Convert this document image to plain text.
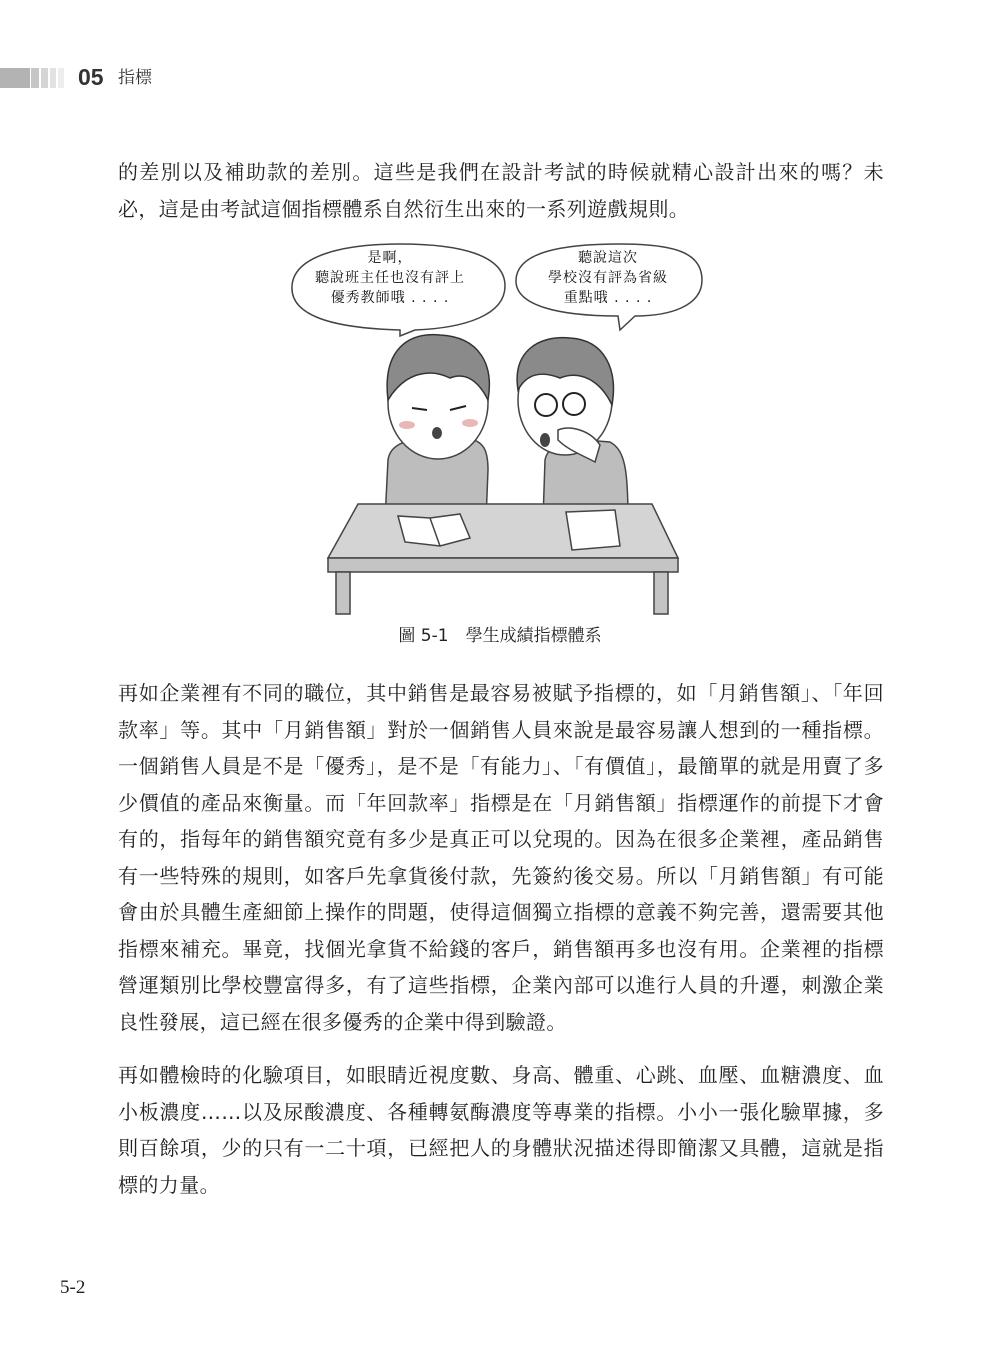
05 指標

的差別以及補助款的差別。這些是我們在設計考試的時候就精心設計出來的嗎？未必，這是由考試這個指標體系自然衍生出來的一系列遊戲規則。

是啊，
聽說班主任也沒有評上
優秀教師哦 . . . .
聽說這次
學校沒有評為省級
重點哦 . . . .
圖 5-1　學生成績指標體系

再如企業裡有不同的職位，其中銷售是最容易被賦予指標的，如「月銷售額」、「年回款率」等。其中「月銷售額」對於一個銷售人員來說是最容易讓人想到的一種指標。一個銷售人員是不是「優秀」，是不是「有能力」、「有價值」，最簡單的就是用賣了多少價值的產品來衡量。而「年回款率」指標是在「月銷售額」指標運作的前提下才會有的，指每年的銷售額究竟有多少是真正可以兌現的。因為在很多企業裡，產品銷售有一些特殊的規則，如客戶先拿貨後付款，先簽約後交易。所以「月銷售額」有可能會由於具體生產細節上操作的問題，使得這個獨立指標的意義不夠完善，還需要其他指標來補充。畢竟，找個光拿貨不給錢的客戶，銷售額再多也沒有用。企業裡的指標營運類別比學校豐富得多，有了這些指標，企業內部可以進行人員的升遷，刺激企業良性發展，這已經在很多優秀的企業中得到驗證。

再如體檢時的化驗項目，如眼睛近視度數、身高、體重、心跳、血壓、血糖濃度、血小板濃度……以及尿酸濃度、各種轉氨酶濃度等專業的指標。小小一張化驗單據，多則百餘項，少的只有一二十項，已經把人的身體狀況描述得即簡潔又具體，這就是指標的力量。

5-2
